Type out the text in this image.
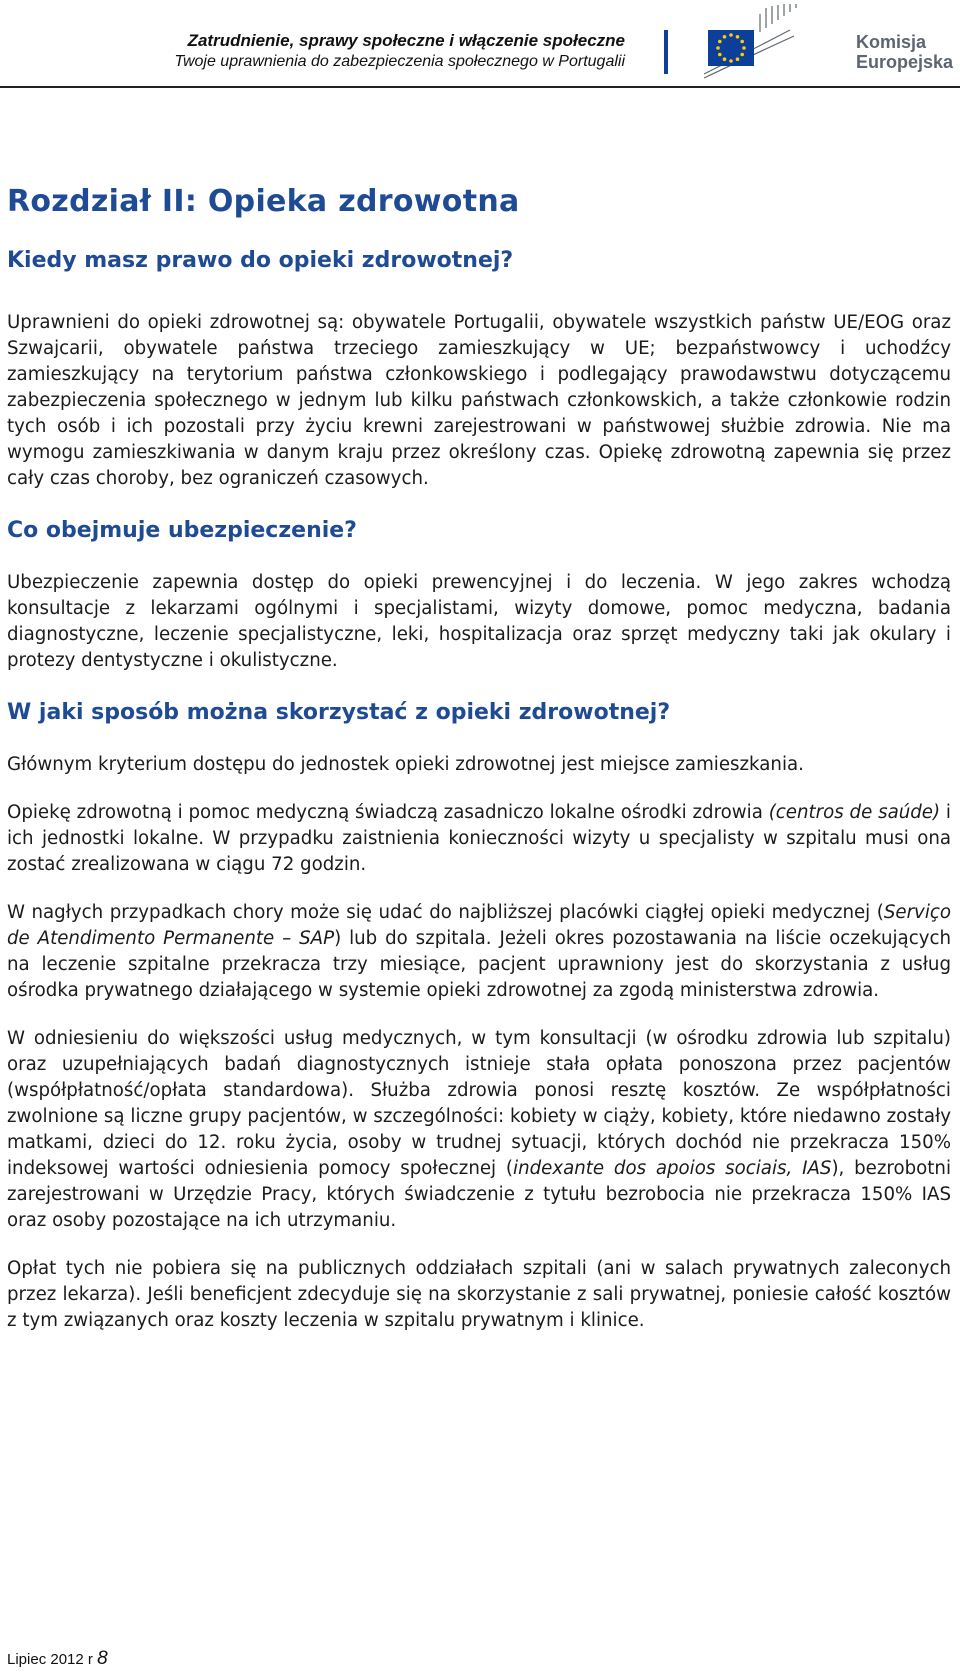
Zatrudnienie, sprawy społeczne i włączenie społeczne
Twoje uprawnienia do zabezpieczenia społecznego w Portugalii
Komisja
Europejska
Rozdział II: Opieka zdrowotna
Kiedy masz prawo do opieki zdrowotnej?

Uprawnieni do opieki zdrowotnej są: obywatele Portugalii, obywatele wszystkich państw UE/EOG oraz Szwajcarii, obywatele państwa trzeciego zamieszkujący w UE; bezpaństwowcy i uchodźcy zamieszkujący na terytorium państwa członkowskiego i podlegający prawodawstwu dotyczącemu zabezpieczenia społecznego w jednym lub kilku państwach członkowskich, a także członkowie rodzin tych osób i ich pozostali przy życiu krewni zarejestrowani w państwowej służbie zdrowia. Nie ma wymogu zamieszkiwania w danym kraju przez określony czas. Opiekę zdrowotną zapewnia się przez cały czas choroby, bez ograniczeń czasowych.

Co obejmuje ubezpieczenie?

Ubezpieczenie zapewnia dostęp do opieki prewencyjnej i do leczenia. W jego zakres wchodzą konsultacje z lekarzami ogólnymi i specjalistami, wizyty domowe, pomoc medyczna, badania diagnostyczne, leczenie specjalistyczne, leki, hospitalizacja oraz sprzęt medyczny taki jak okulary i protezy dentystyczne i okulistyczne.

W jaki sposób można skorzystać z opieki zdrowotnej?

Głównym kryterium dostępu do jednostek opieki zdrowotnej jest miejsce zamieszkania.

Opiekę zdrowotną i pomoc medyczną świadczą zasadniczo lokalne ośrodki zdrowia (centros de saúde) i ich jednostki lokalne. W przypadku zaistnienia konieczności wizyty u specjalisty w szpitalu musi ona zostać zrealizowana w ciągu 72 godzin.

W nagłych przypadkach chory może się udać do najbliższej placówki ciągłej opieki medycznej (Serviço de Atendimento Permanente – SAP) lub do szpitala. Jeżeli okres pozostawania na liście oczekujących na leczenie szpitalne przekracza trzy miesiące, pacjent uprawniony jest do skorzystania z usług ośrodka prywatnego działającego w systemie opieki zdrowotnej za zgodą ministerstwa zdrowia.

W odniesieniu do większości usług medycznych, w tym konsultacji (w ośrodku zdrowia lub szpitalu) oraz uzupełniających badań diagnostycznych istnieje stała opłata ponoszona przez pacjentów (współpłatność/opłata standardowa). Służba zdrowia ponosi resztę kosztów. Ze współpłatności zwolnione są liczne grupy pacjentów, w szczególności: kobiety w ciąży, kobiety, które niedawno zostały matkami, dzieci do 12. roku życia, osoby w trudnej sytuacji, których dochód nie przekracza 150% indeksowej wartości odniesienia pomocy społecznej (indexante dos apoios sociais, IAS), bezrobotni zarejestrowani w Urzędzie Pracy, których świadczenie z tytułu bezrobocia nie przekracza 150% IAS oraz osoby pozostające na ich utrzymaniu.

Opłat tych nie pobiera się na publicznych oddziałach szpitali (ani w salach prywatnych zaleconych przez lekarza). Jeśli beneficjent zdecyduje się na skorzystanie z sali prywatnej, poniesie całość kosztów z tym związanych oraz koszty leczenia w szpitalu prywatnym i klinice.

Lipiec 2012 r 8
